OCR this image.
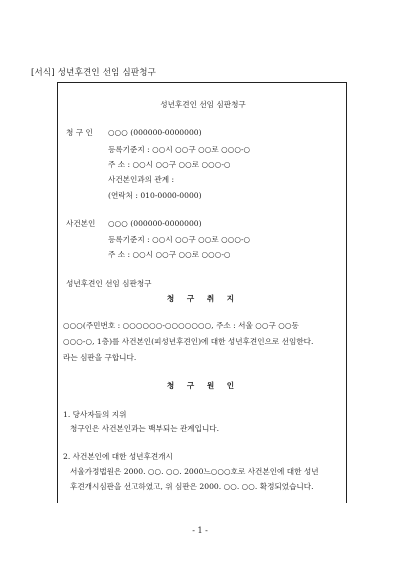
[서식] 성년후견인 선임 심판청구
성년후견인 선임 심판청구
청 구 인 ○○○ (000000-0000000)
등록기준지 : ○○시 ○○구 ○○로 ○○○-○
주 소 : ○○시 ○○구 ○○로 ○○○-○
사건본인과의 관계 :
(연락처 : 010-0000-0000)
사건본인 ○○○ (000000-0000000)
등록기준지 : ○○시 ○○구 ○○로 ○○○-○
주 소 : ○○시 ○○구 ○○로 ○○○-○
성년후견인 선임 심판청구
청 구 취 지
○○○(주민번호 : ○○○○○○-○○○○○○○, 주소 : 서울 ○○구 ○○동
○○○-○, 1층)를 사건본인(피성년후견인)에 대한 성년후견인으로 선임한다.
라는 심판을 구합니다.
청 구 원 인
1. 당사자들의 지위
청구인은 사건본인과는 백부되는 관계입니다.
2. 사건본인에 대한 성년후견개시
서울가정법원은 2000. ○○. ○○. 2000느○○○호로 사건본인에 대한 성년
후견개시심판을 선고하였고, 위 심판은 2000. ○○. ○○. 확정되었습니다.
- 1 -
